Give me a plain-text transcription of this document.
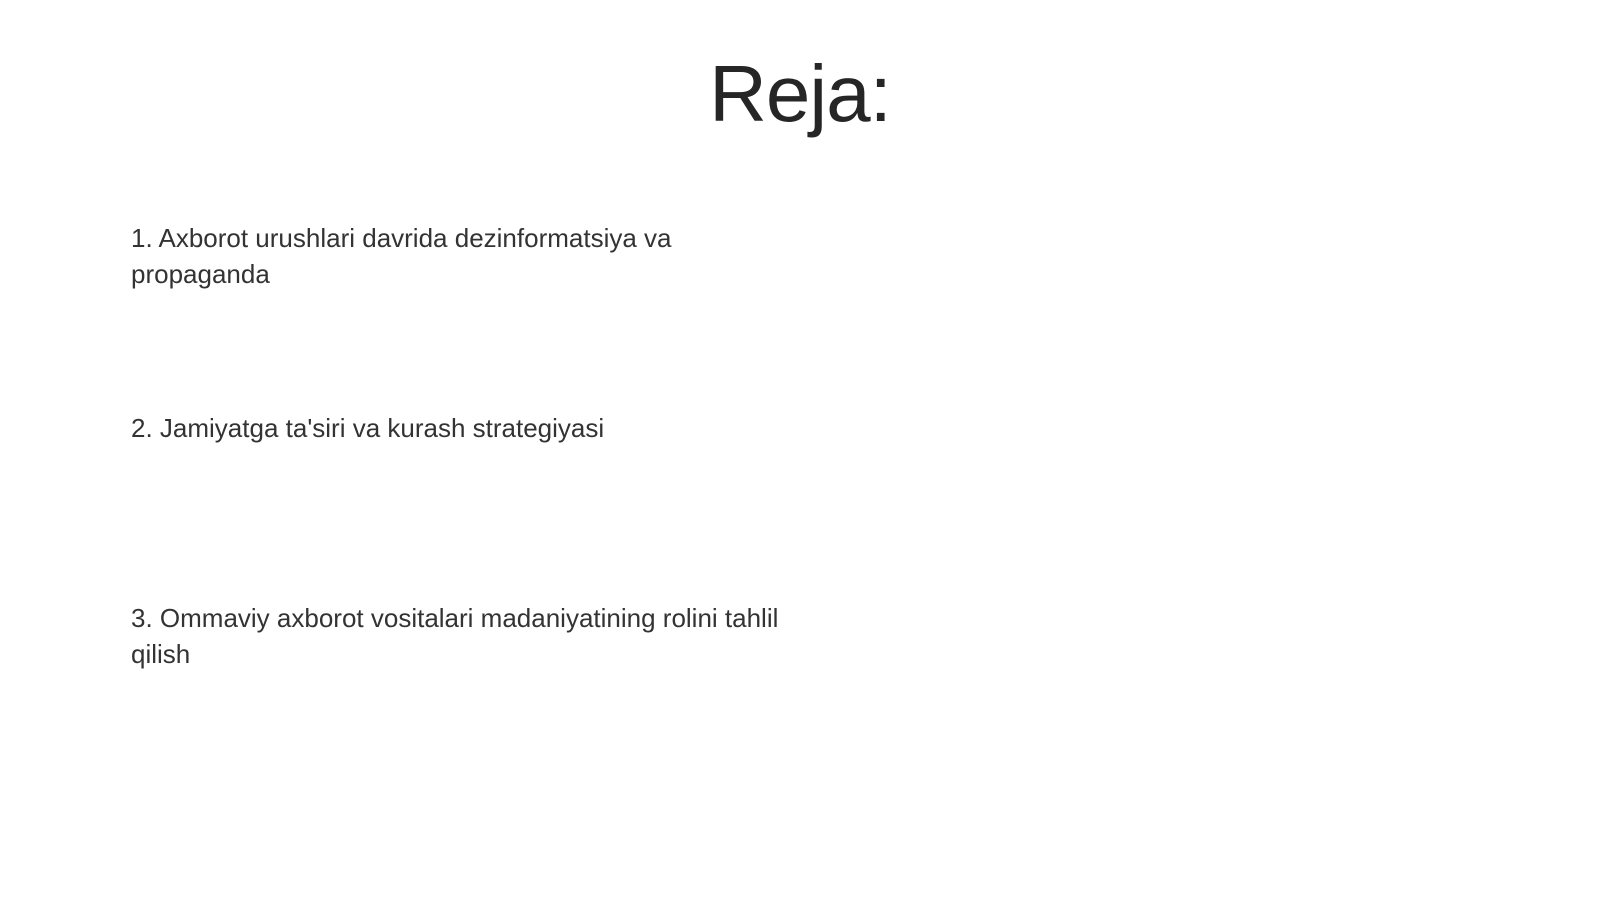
Reja:

1. Axborot urushlari davrida dezinformatsiya va propaganda

2. Jamiyatga ta'siri va kurash strategiyasi

3. Ommaviy axborot vositalari madaniyatining rolini tahlil qilish
